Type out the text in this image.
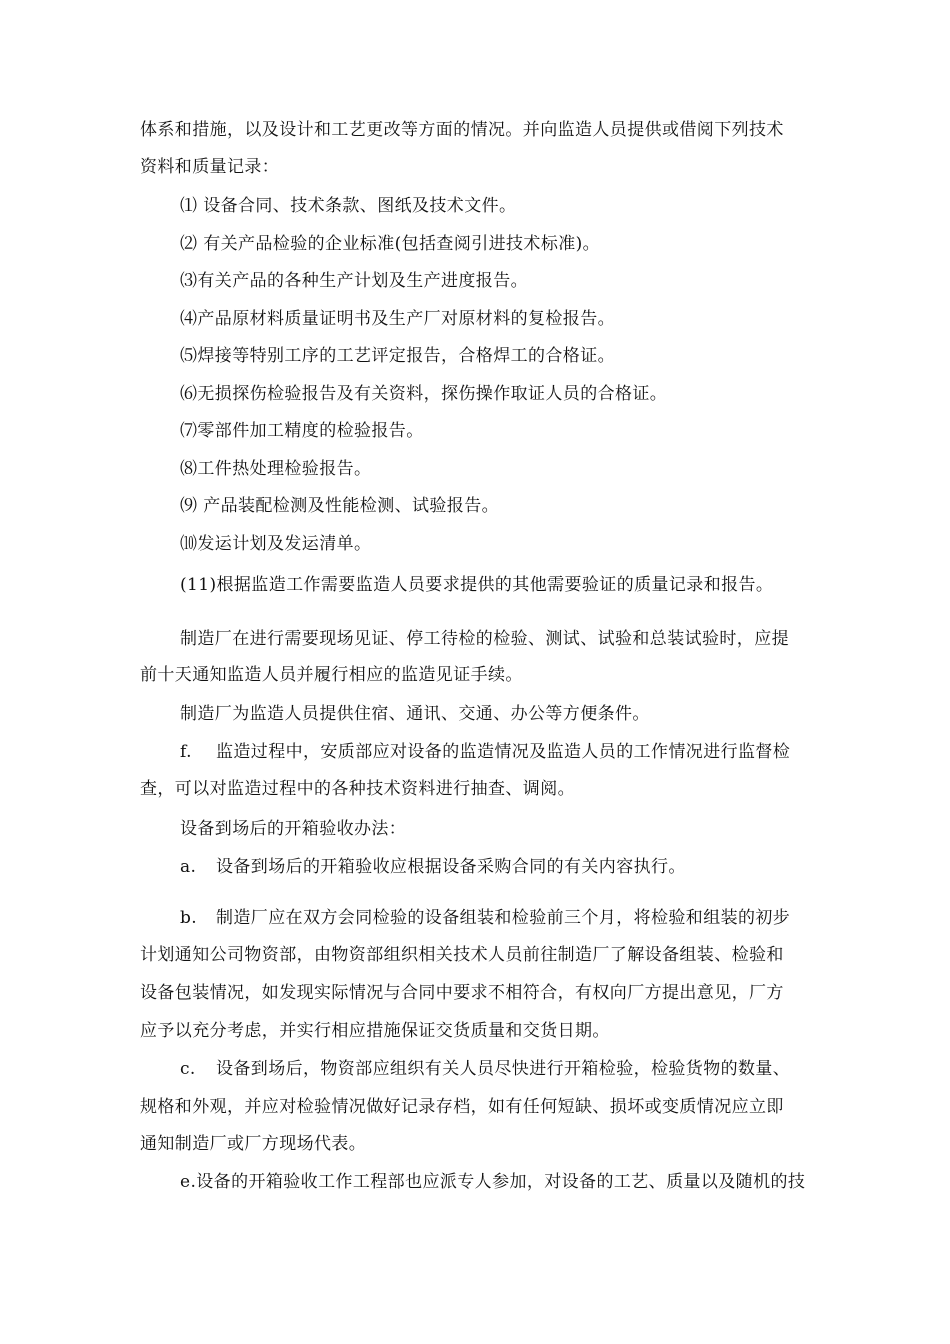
体系和措施，以及设计和工艺更改等方面的情况。并向监造人员提供或借阅下列技术
资料和质量记录：
⑴ 设备合同、技术条款、图纸及技术文件。
⑵ 有关产品检验的企业标准(包括查阅引进技术标准)。
⑶有关产品的各种生产计划及生产进度报告。
⑷产品原材料质量证明书及生产厂对原材料的复检报告。
⑸焊接等特别工序的工艺评定报告，合格焊工的合格证。
⑹无损探伤检验报告及有关资料，探伤操作取证人员的合格证。
⑺零部件加工精度的检验报告。
⑻工件热处理检验报告。
⑼ 产品装配检测及性能检测、试验报告。
⑽发运计划及发运清单。
(11)根据监造工作需要监造人员要求提供的其他需要验证的质量记录和报告。
制造厂在进行需要现场见证、停工待检的检验、测试、试验和总装试验时，应提
前十天通知监造人员并履行相应的监造见证手续。
制造厂为监造人员提供住宿、通讯、交通、办公等方便条件。
f. 监造过程中，安质部应对设备的监造情况及监造人员的工作情况进行监督检
查，可以对监造过程中的各种技术资料进行抽查、调阅。
设备到场后的开箱验收办法：
a. 设备到场后的开箱验收应根据设备采购合同的有关内容执行。
b. 制造厂应在双方会同检验的设备组装和检验前三个月，将检验和组装的初步
计划通知公司物资部，由物资部组织相关技术人员前往制造厂了解设备组装、检验和
设备包装情况，如发现实际情况与合同中要求不相符合，有权向厂方提出意见，厂方
应予以充分考虑，并实行相应措施保证交货质量和交货日期。
c. 设备到场后，物资部应组织有关人员尽快进行开箱检验，检验货物的数量、
规格和外观，并应对检验情况做好记录存档，如有任何短缺、损坏或变质情况应立即
通知制造厂或厂方现场代表。
e.设备的开箱验收工作工程部也应派专人参加，对设备的工艺、质量以及随机的技
